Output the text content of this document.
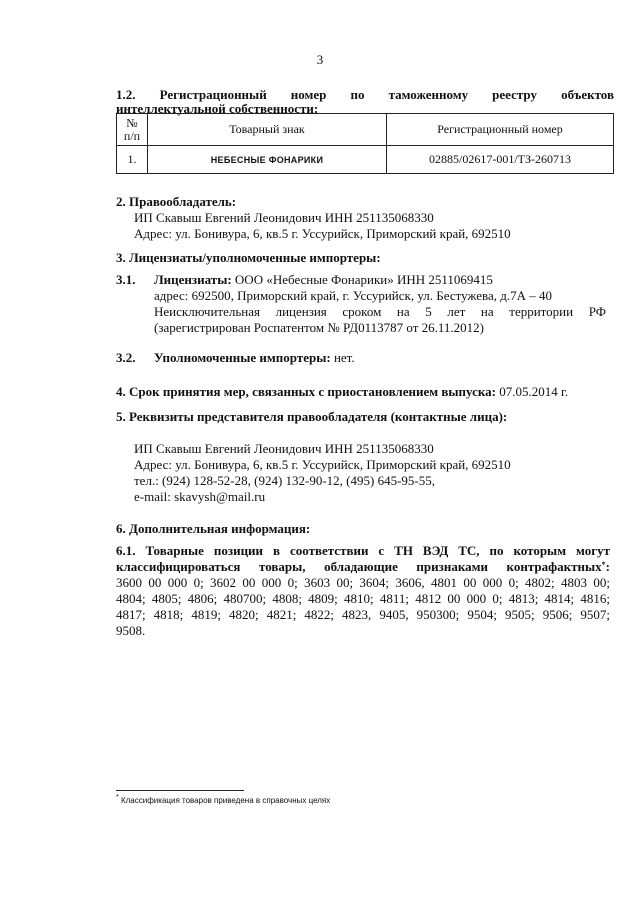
3
1.2. Регистрационный номер по таможенному реестру объектов
интеллектуальной собственности:
№ п/п	Товарный знак	Регистрационный номер
1.	НЕБЕСНЫЕ ФОНАРИКИ	02885/02617-001/ТЗ-260713
2. Правообладатель:
ИП Скавыш Евгений Леонидович ИНН 251135068330
Адрес: ул. Бонивура, 6, кв.5 г. Уссурийск, Приморский край, 692510
3. Лицензиаты/уполномоченные импортеры:
3.1. Лицензиаты: ООО «Небесные Фонарики» ИНН 2511069415
адрес: 692500, Приморский край, г. Уссурийск, ул. Бестужева, д.7А – 40
Неисключительная лицензия сроком на 5 лет на территории РФ
(зарегистрирован Роспатентом № РД0113787 от 26.11.2012)
3.2. Уполномоченные импортеры: нет.
4. Срок принятия мер, связанных с приостановлением выпуска: 07.05.2014 г.
5. Реквизиты представителя правообладателя (контактные лица):
ИП Скавыш Евгений Леонидович ИНН 251135068330
Адрес: ул. Бонивура, 6, кв.5 г. Уссурийск, Приморский край, 692510
тел.: (924) 128-52-28, (924) 132-90-12, (495) 645-95-55,
e-mail: skavysh@mail.ru
6. Дополнительная информация:
6.1. Товарные позиции в соответствии с ТН ВЭД ТС, по которым могут
классифицироваться товары, обладающие признаками контрафактных*:
3600 00 000 0; 3602 00 000 0; 3603 00; 3604; 3606, 4801 00 000 0; 4802; 4803 00;
4804; 4805; 4806; 480700; 4808; 4809; 4810; 4811; 4812 00 000 0; 4813; 4814; 4816;
4817; 4818; 4819; 4820; 4821; 4822; 4823, 9405, 950300; 9504; 9505; 9506; 9507;
9508.
* Классификация товаров приведена в справочных целях
